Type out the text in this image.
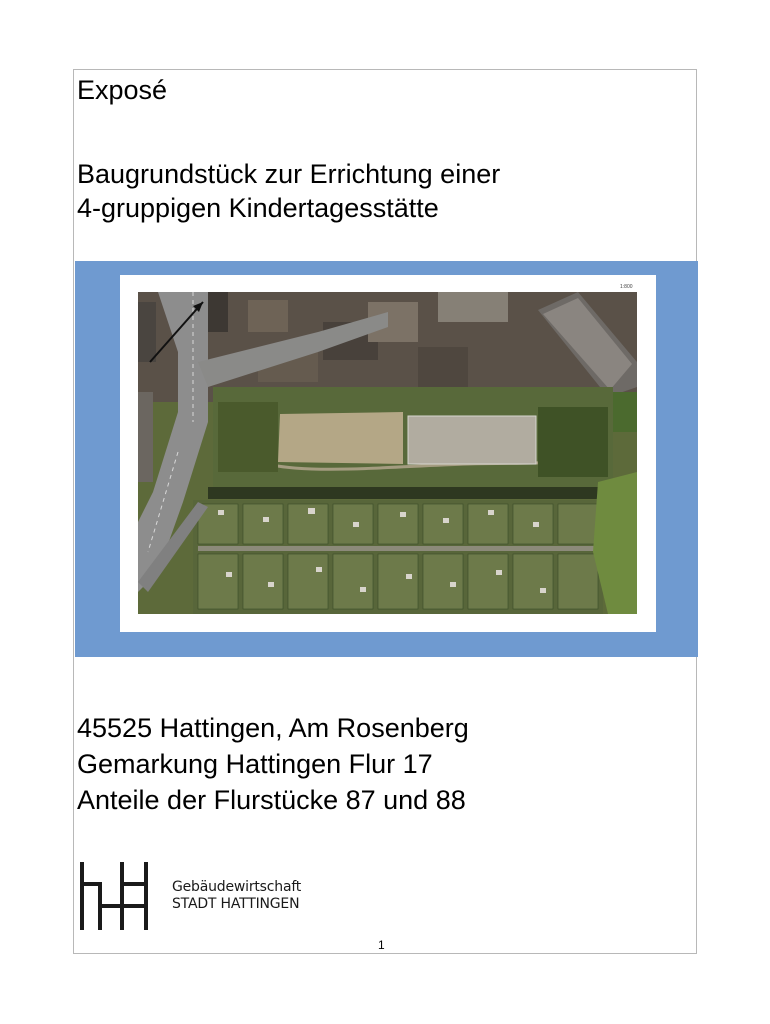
Exposé
Baugrundstück zur Errichtung einer
4-gruppigen Kindertagesstätte
1:800
45525 Hattingen, Am Rosenberg
Gemarkung Hattingen Flur 17
Anteile der Flurstücke 87 und 88
Gebäudewirtschaft
STADT HATTINGEN
1
